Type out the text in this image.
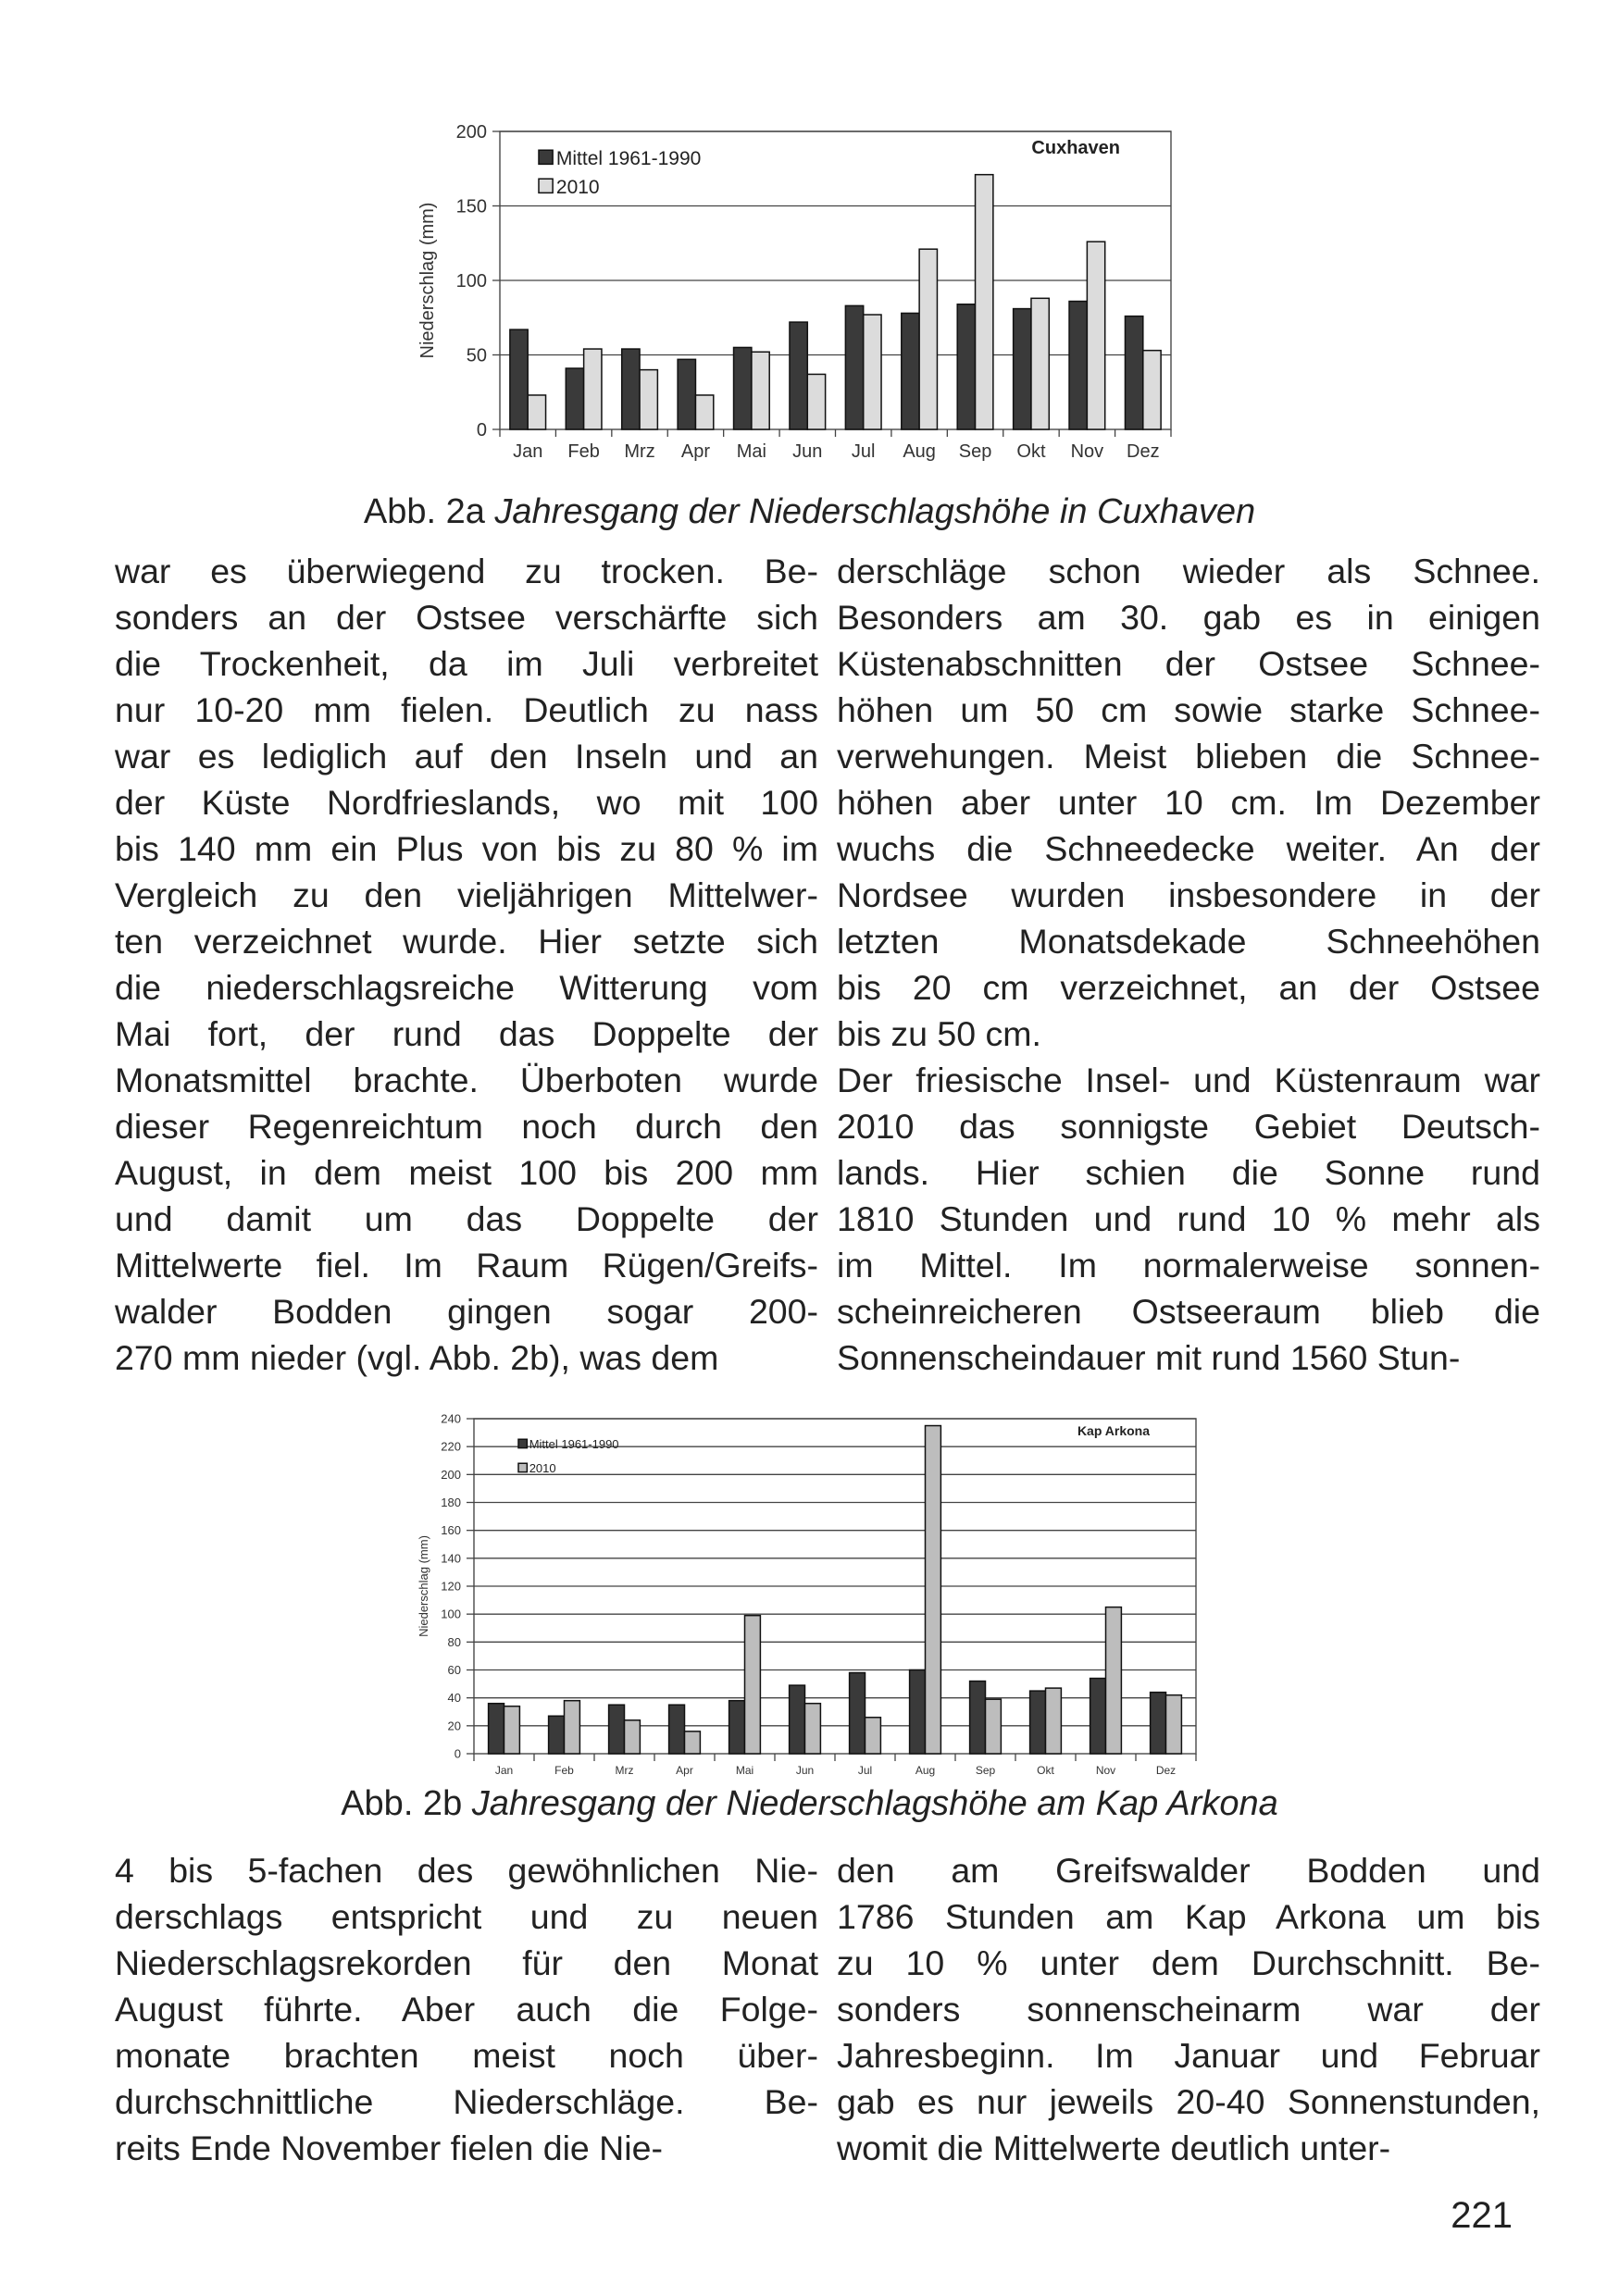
0
50
100
150
200
Niederschlag (mm)
Jan Feb Mrz Apr Mai Jun Jul Aug Sep Okt Nov Dez
Cuxhaven
Mittel 1961-1990
2010
Abb. 2a Jahresgang der Niederschlagshöhe in Cuxhaven
war es überwiegend zu trocken. Be-
sonders an der Ostsee verschärfte sich
die Trockenheit, da im Juli verbreitet
nur 10-20 mm fielen. Deutlich zu nass
war es lediglich auf den Inseln und an
der Küste Nordfrieslands, wo mit 100
bis 140 mm ein Plus von bis zu 80 % im
Vergleich zu den vieljährigen Mittelwer-
ten verzeichnet wurde. Hier setzte sich
die niederschlagsreiche Witterung vom
Mai fort, der rund das Doppelte der
Monatsmittel brachte. Überboten wurde
dieser Regenreichtum noch durch den
August, in dem meist 100 bis 200 mm
und damit um das Doppelte der
Mittelwerte fiel. Im Raum Rügen/Greifs-
walder Bodden gingen sogar 200-
270 mm nieder (vgl. Abb. 2b), was dem
derschläge schon wieder als Schnee.
Besonders am 30. gab es in einigen
Küstenabschnitten der Ostsee Schnee-
höhen um 50 cm sowie starke Schnee-
verwehungen. Meist blieben die Schnee-
höhen aber unter 10 cm. Im Dezember
wuchs die Schneedecke weiter. An der
Nordsee wurden insbesondere in der
letzten Monatsdekade Schneehöhen
bis 20 cm verzeichnet, an der Ostsee
bis zu 50 cm.
Der friesische Insel- und Küstenraum war
2010 das sonnigste Gebiet Deutsch-
lands. Hier schien die Sonne rund
1810 Stunden und rund 10 % mehr als
im Mittel. Im normalerweise sonnen-
scheinreicheren Ostseeraum blieb die
Sonnenscheindauer mit rund 1560 Stun-
0
20
40
60
80
100
120
140
160
180
200
220
240
Niederschlag (mm)
Jan	Feb	Mrz	Apr	Mai	Jun	Jul	Aug	Sep	Okt	Nov	Dez
Kap Arkona
Mittel 1961-1990
2010
Abb. 2b Jahresgang der Niederschlagshöhe am Kap Arkona
4 bis 5-fachen des gewöhnlichen Nie-
derschlags entspricht und zu neuen
Niederschlagsrekorden für den Monat
August führte. Aber auch die Folge-
monate brachten meist noch über-
durchschnittliche Niederschläge. Be-
reits Ende November fielen die Nie-
den am Greifswalder Bodden und
1786 Stunden am Kap Arkona um bis
zu 10 % unter dem Durchschnitt. Be-
sonders sonnenscheinarm war der
Jahresbeginn. Im Januar und Februar
gab es nur jeweils 20-40 Sonnenstunden,
womit die Mittelwerte deutlich unter-
221
